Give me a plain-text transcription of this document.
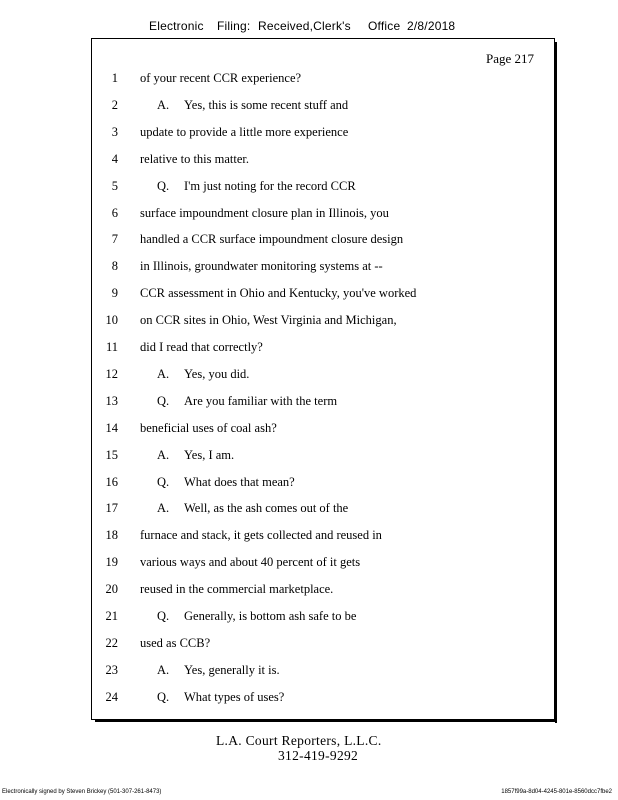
Electronic Filing: Received,Clerk's Office 2/8/2018
Page 217
1 of your recent CCR experience?
2	A. Yes, this is some recent stuff and
3 update to provide a little more experience
4 relative to this matter.
5	Q. I'm just noting for the record CCR
6 surface impoundment closure plan in Illinois, you
7 handled a CCR surface impoundment closure design
8 in Illinois, groundwater monitoring systems at --
9 CCR assessment in Ohio and Kentucky, you've worked
10 on CCR sites in Ohio, West Virginia and Michigan,
11 did I read that correctly?
12	A. Yes, you did.
13	Q. Are you familiar with the term
14 beneficial uses of coal ash?
15	A. Yes, I am.
16	Q. What does that mean?
17	A. Well, as the ash comes out of the
18 furnace and stack, it gets collected and reused in
19 various ways and about 40 percent of it gets
20 reused in the commercial marketplace.
21	Q. Generally, is bottom ash safe to be
22 used as CCB?
23	A. Yes, generally it is.
24	Q. What types of uses?
L.A. Court Reporters, L.L.C.
312-419-9292
Electronically signed by Steven Brickey (501-307-261-8473)	1857f99a-8d04-4245-801e-8560dcc7fbe2
